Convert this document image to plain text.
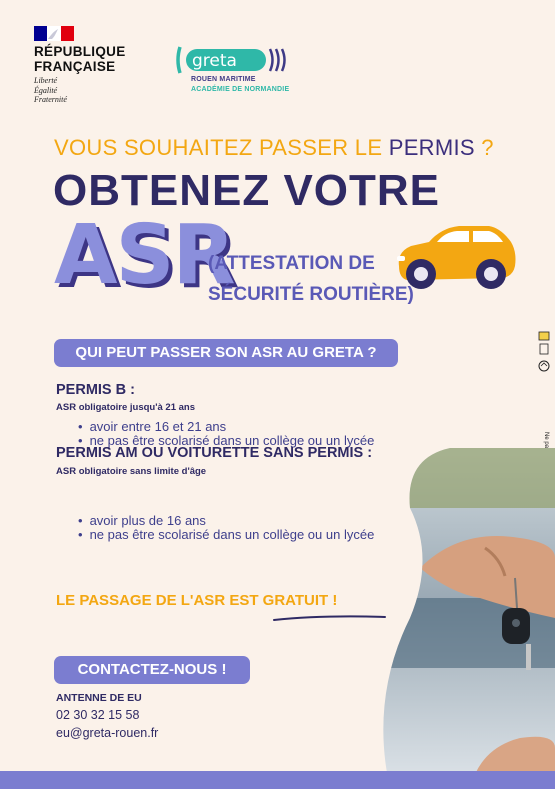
RÉPUBLIQUE
FRANÇAISE
Liberté
Égalité
Fraternité
greta
ROUEN MARITIME
ACADÉMIE DE NORMANDIE
VOUS SOUHAITEZ PASSER LE PERMIS ?
OBTENEZ VOTRE
ASR
(ATTESTATION DE
SÉCURITÉ ROUTIÈRE)
QUI PEUT PASSER SON ASR AU GRETA ?
PERMIS B :
ASR obligatoire jusqu'à 21 ans
• avoir entre 16 et 21 ans
• ne pas être scolarisé dans un collège ou un lycée
PERMIS AM OU VOITURETTE SANS PERMIS :
ASR obligatoire sans limite d'âge
• avoir plus de 16 ans
• ne pas être scolarisé dans un collège ou un lycée
LE PASSAGE DE L'ASR EST GRATUIT !
CONTACTEZ-NOUS !
ANTENNE DE EU
02 30 32 15 58
eu@greta-rouen.fr
